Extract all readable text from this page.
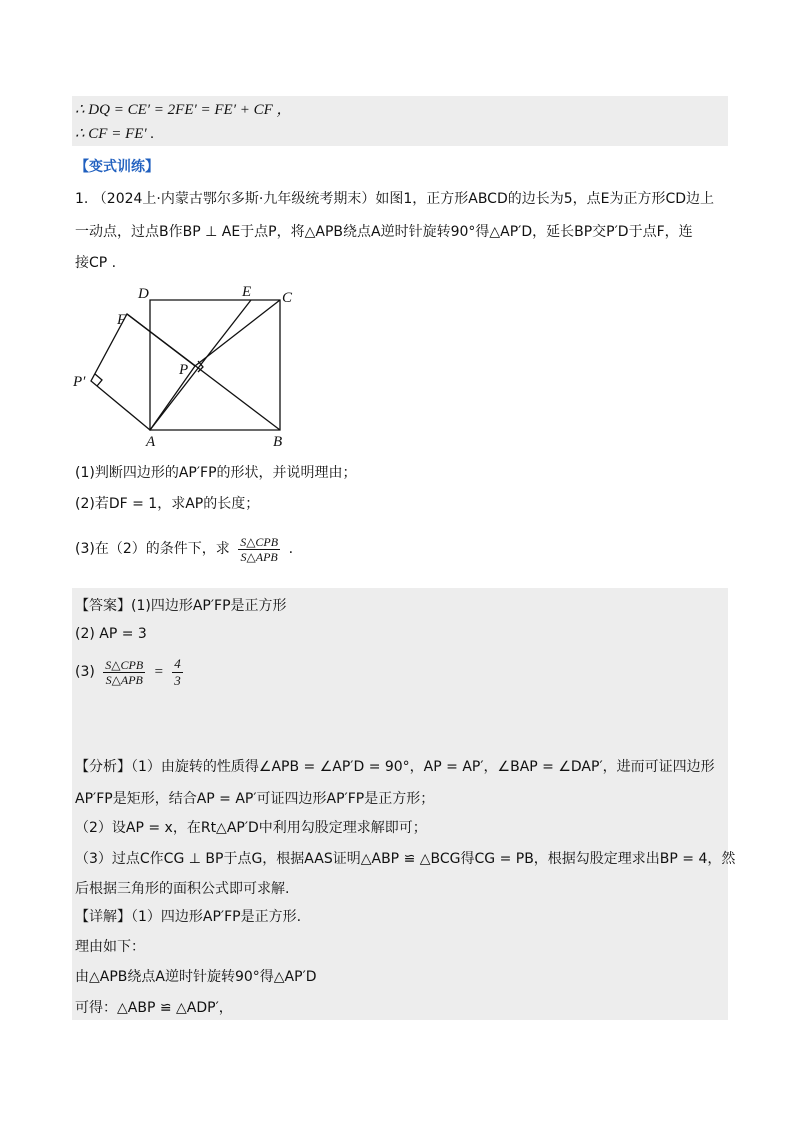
∴ DQ = CE′ = 2FE′ = FE′ + CF ，
∴ CF = FE′ .
【变式训练】
1. （2024上·内蒙古鄂尔多斯·九年级统考期末）如图1，正方形ABCD的边长为5，点E为正方形CD边上
一动点，过点B作BP ⊥ AE于点P，将△APB绕点A逆时针旋转90°得△AP′D，延长BP交P′D于点F，连
接CP .
D	E C
F
P′
P
A	B
(1)判断四边形的AP′FP的形状，并说明理由；
(2)若DF = 1，求AP的长度；
(3)在（2）的条件下，求 $\frac{\text{S△CPB}}{\text{S△APB}}$ .
【答案】(1)四边形AP′FP是正方形
(2) AP = 3
$(3) \frac{\text{S△CPB}}{\text{S△APB}} = \frac{4}{3}$
【分析】（1）由旋转的性质得∠APB = ∠AP′D = 90°，AP = AP′，∠BAP = ∠DAP′，进而可证四边形
AP′FP是矩形，结合AP = AP′可证四边形AP′FP是正方形；
（2）设AP = x，在Rt△AP′D中利用勾股定理求解即可；
（3）过点C作CG ⊥ BP于点G，根据AAS证明△ABP ≌ △BCG得CG = PB，根据勾股定理求出BP = 4，然
后根据三角形的面积公式即可求解.
【详解】（1）四边形AP′FP是正方形.
理由如下：
由△APB绕点A逆时针旋转90°得△AP′D
可得：△ABP ≌ △ADP′，
